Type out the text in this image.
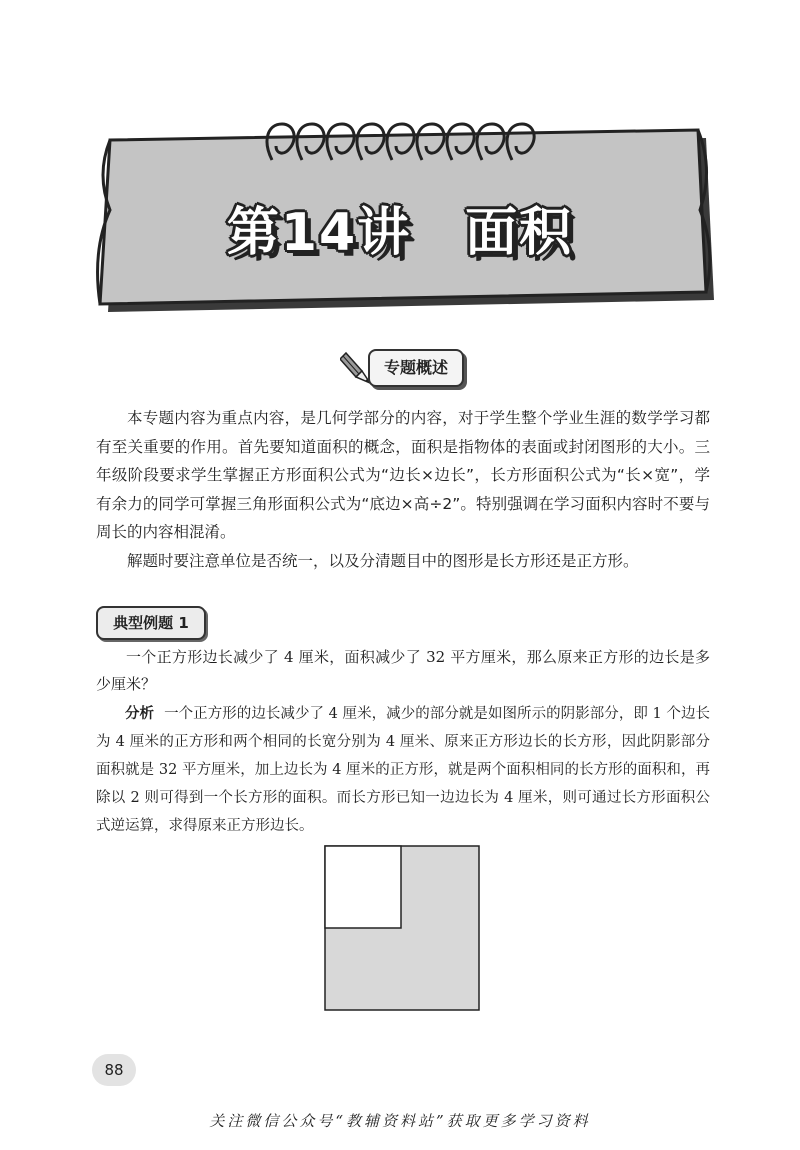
第14讲　面积
专题概述

本专题内容为重点内容，是几何学部分的内容，对于学生整个学业生涯的数学学习都有至关重要的作用。首先要知道面积的概念，面积是指物体的表面或封闭图形的大小。三年级阶段要求学生掌握正方形面积公式为“边长×边长”，长方形面积公式为“长×宽”，学有余力的同学可掌握三角形面积公式为“底边×高÷2”。特别强调在学习面积内容时不要与周长的内容相混淆。

解题时要注意单位是否统一，以及分清题目中的图形是长方形还是正方形。

典型例题 1

一个正方形边长减少了 4 厘米，面积减少了 32 平方厘米，那么原来正方形的边长是多少厘米？

分析 一个正方形的边长减少了 4 厘米，减少的部分就是如图所示的阴影部分，即 1 个边长为 4 厘米的正方形和两个相同的长宽分别为 4 厘米、原来正方形边长的长方形，因此阴影部分面积就是 32 平方厘米，加上边长为 4 厘米的正方形，就是两个面积相同的长方形的面积和，再除以 2 则可得到一个长方形的面积。而长方形已知一边边长为 4 厘米，则可通过长方形面积公式逆运算，求得原来正方形边长。

88
关注微信公众号“教辅资料站”获取更多学习资料
